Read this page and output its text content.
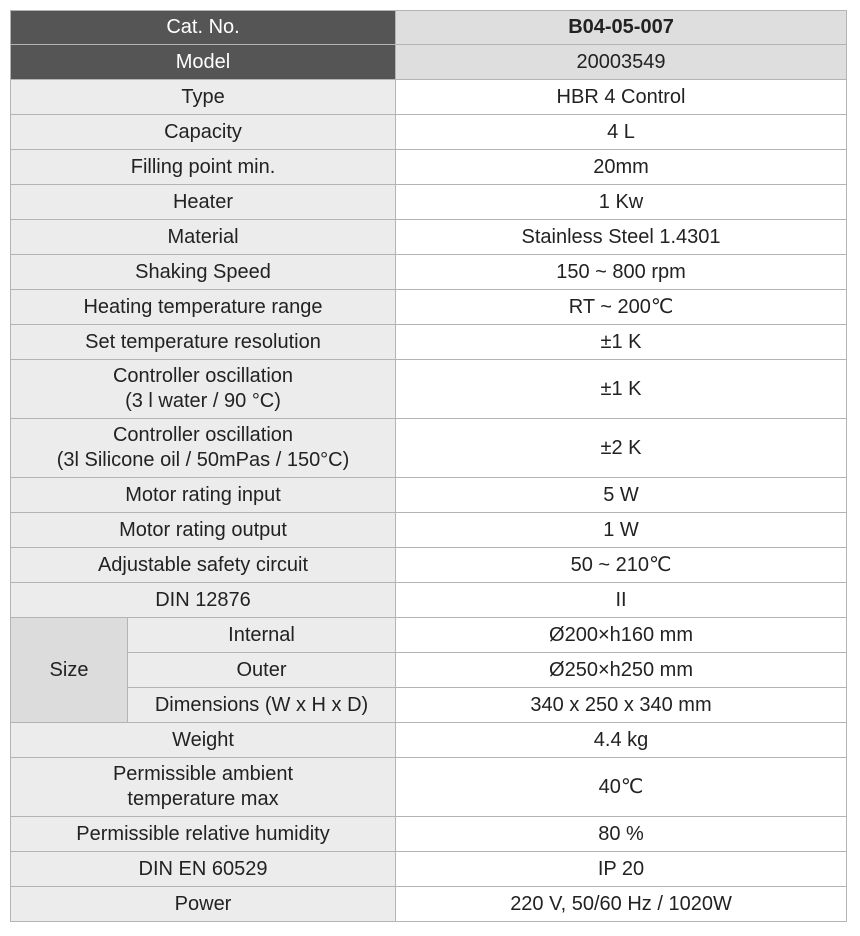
Cat. No.		B04-05-007
Model		20003549
Type		HBR 4 Control
Capacity		4 L
Filling point min.		20mm
Heater		1 Kw
Material		Stainless Steel 1.4301
Shaking Speed		150 ~ 800 rpm
Heating temperature range		RT ~ 200℃
Set temperature resolution		±1 K

Controller oscillation
(3 l water / 90 °C)		±1 K

Controller oscillation
(3l Silicone oil / 50mPas / 150°C)		±2 K
Motor rating input		5 W
Motor rating output		1 W
Adjustable safety circuit		50 ~ 210℃
DIN 12876		II
Size	Internal	Ø200×h160 mm
	Outer	Ø250×h250 mm
	Dimensions (W x H x D)	340 x 250 x 340 mm
Weight		4.4 kg

Permissible ambient
temperature max		40℃
Permissible relative humidity		80 %
DIN EN 60529		IP 20
Power		220 V, 50/60 Hz / 1020W
